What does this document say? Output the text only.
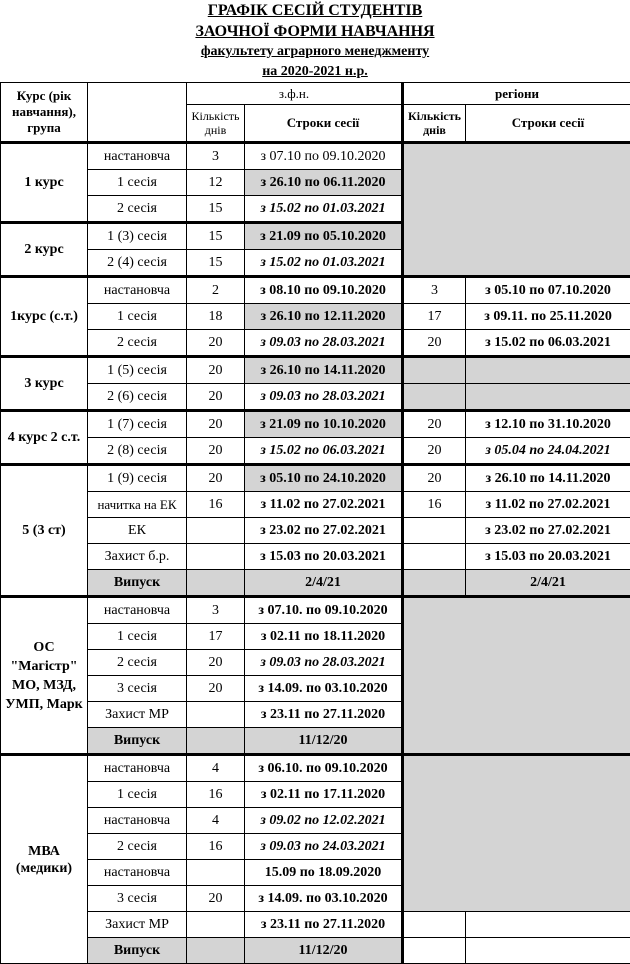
ГРАФІК СЕСІЙ СТУДЕНТІВ
ЗАОЧНОЇ ФОРМИ НАВЧАННЯ
факультету аграрного менеджменту
на 2020-2021 н.р.
Курс (рік навчання), група		з.ф.н.		регіони	
		Кількість днів	Строки сесії	Кількість днів	Строки сесії
1 курс	настановча	3	з 07.10 по 09.10.2020		
	1 сесія	12	з 26.10 по 06.11.2020		
	2 сесія	15	з 15.02 по 01.03.2021		
2 курс	1 (3) сесія	15	з 21.09 по 05.10.2020		
	2 (4) сесія	15	з 15.02 по 01.03.2021		
1курс (с.т.)	настановча	2	з 08.10 по 09.10.2020	3	з 05.10 по 07.10.2020
	1 сесія	18	з 26.10 по 12.11.2020	17	з 09.11. по 25.11.2020
	2 сесія	20	з 09.03 по 28.03.2021	20	з 15.02 по 06.03.2021
3 курс	1 (5) сесія	20	з 26.10 по 14.11.2020		
	2 (6) сесія	20	з 09.03 по 28.03.2021		
4 курс 2 с.т.	1 (7) сесія	20	з 21.09 по 10.10.2020	20	з 12.10 по 31.10.2020
	2 (8) сесія	20	з 15.02 по 06.03.2021	20	з 05.04 по 24.04.2021
5 (3 ст)	1 (9) сесія	20	з 05.10 по 24.10.2020	20	з 26.10 по 14.11.2020
	начитка на ЕК	16	з 11.02 по 27.02.2021	16	з 11.02 по 27.02.2021
	ЕК		з 23.02 по 27.02.2021		з 23.02 по 27.02.2021
	Захист б.р.		з 15.03 по 20.03.2021		з 15.03 по 20.03.2021
	Випуск		2/4/21		2/4/21
ОС "Магістр" МО, МЗД, УМП, Марк	настановча	3	з 07.10. по 09.10.2020		
	1 сесія	17	з 02.11 по 18.11.2020		
	2 сесія	20	з 09.03 по 28.03.2021		
	3 сесія	20	з 14.09. по 03.10.2020		
	Захист МР		з 23.11 по 27.11.2020		
	Випуск		11/12/20		
МВА (медики)	настановча	4	з 06.10. по 09.10.2020		
	1 сесія	16	з 02.11 по 17.11.2020		
	настановча	4	з 09.02 по 12.02.2021		
	2 сесія	16	з 09.03 по 24.03.2021		
	настановча		15.09 по 18.09.2020		
	3 сесія	20	з 14.09. по 03.10.2020		
	Захист МР		з 23.11 по 27.11.2020		
	Випуск		11/12/20		
